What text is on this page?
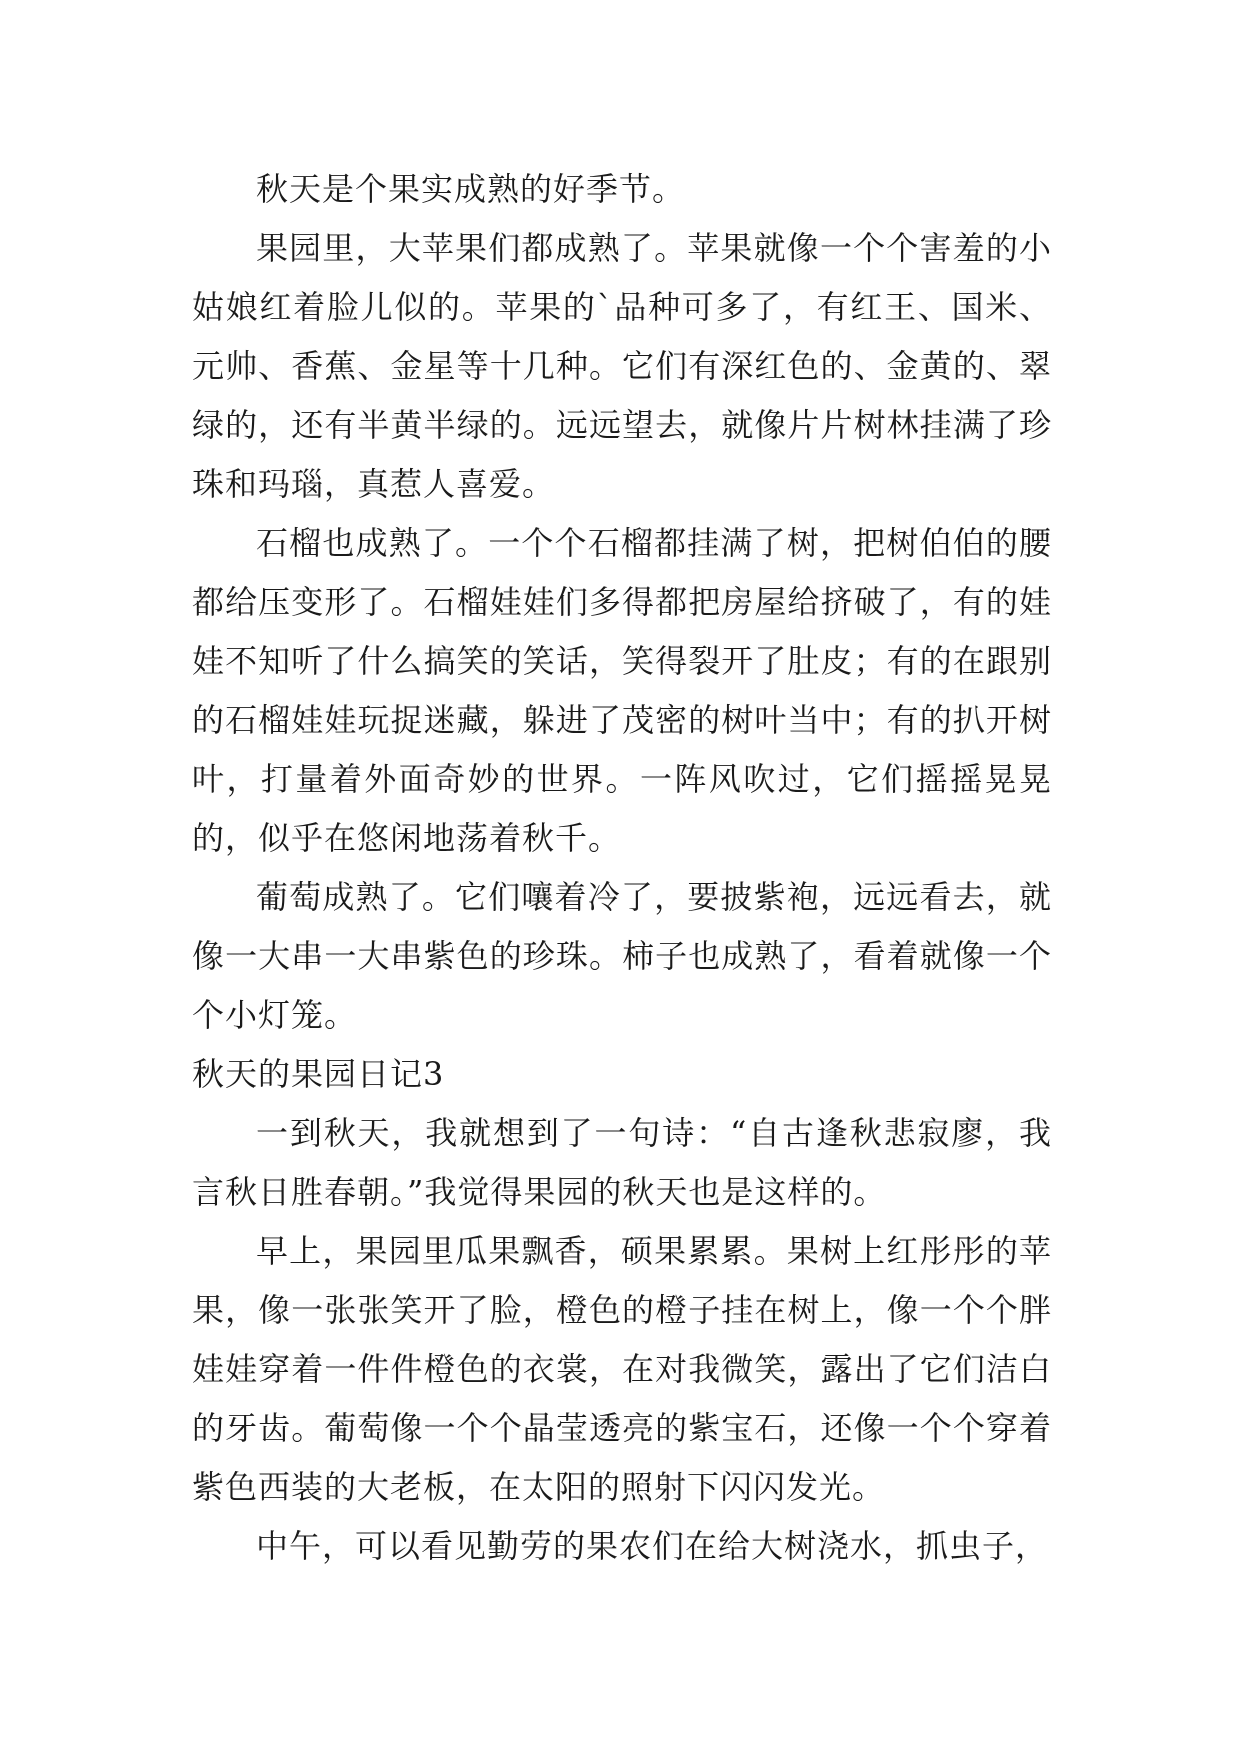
秋天是个果实成熟的好季节。

果园里，大苹果们都成熟了。苹果就像一个个害羞的小姑娘红着脸儿似的。苹果的`品种可多了，有红王、国米、元帅、香蕉、金星等十几种。它们有深红色的、金黄的、翠绿的，还有半黄半绿的。远远望去，就像片片树林挂满了珍珠和玛瑙，真惹人喜爱。

石榴也成熟了。一个个石榴都挂满了树，把树伯伯的腰都给压变形了。石榴娃娃们多得都把房屋给挤破了，有的娃娃不知听了什么搞笑的笑话，笑得裂开了肚皮；有的在跟别的石榴娃娃玩捉迷藏，躲进了茂密的树叶当中；有的扒开树叶，打量着外面奇妙的世界。一阵风吹过，它们摇摇晃晃的，似乎在悠闲地荡着秋千。

葡萄成熟了。它们嚷着冷了，要披紫袍，远远看去，就像一大串一大串紫色的珍珠。柿子也成熟了，看着就像一个个小灯笼。

秋天的果园日记3

一到秋天，我就想到了一句诗：“自古逢秋悲寂廖，我言秋日胜春朝。”我觉得果园的秋天也是这样的。

早上，果园里瓜果飘香，硕果累累。果树上红彤彤的苹果，像一张张笑开了脸，橙色的橙子挂在树上，像一个个胖娃娃穿着一件件橙色的衣裳，在对我微笑，露出了它们洁白的牙齿。葡萄像一个个晶莹透亮的紫宝石，还像一个个穿着紫色西装的大老板，在太阳的照射下闪闪发光。

中午，可以看见勤劳的果农们在给大树浇水，抓虫子，
